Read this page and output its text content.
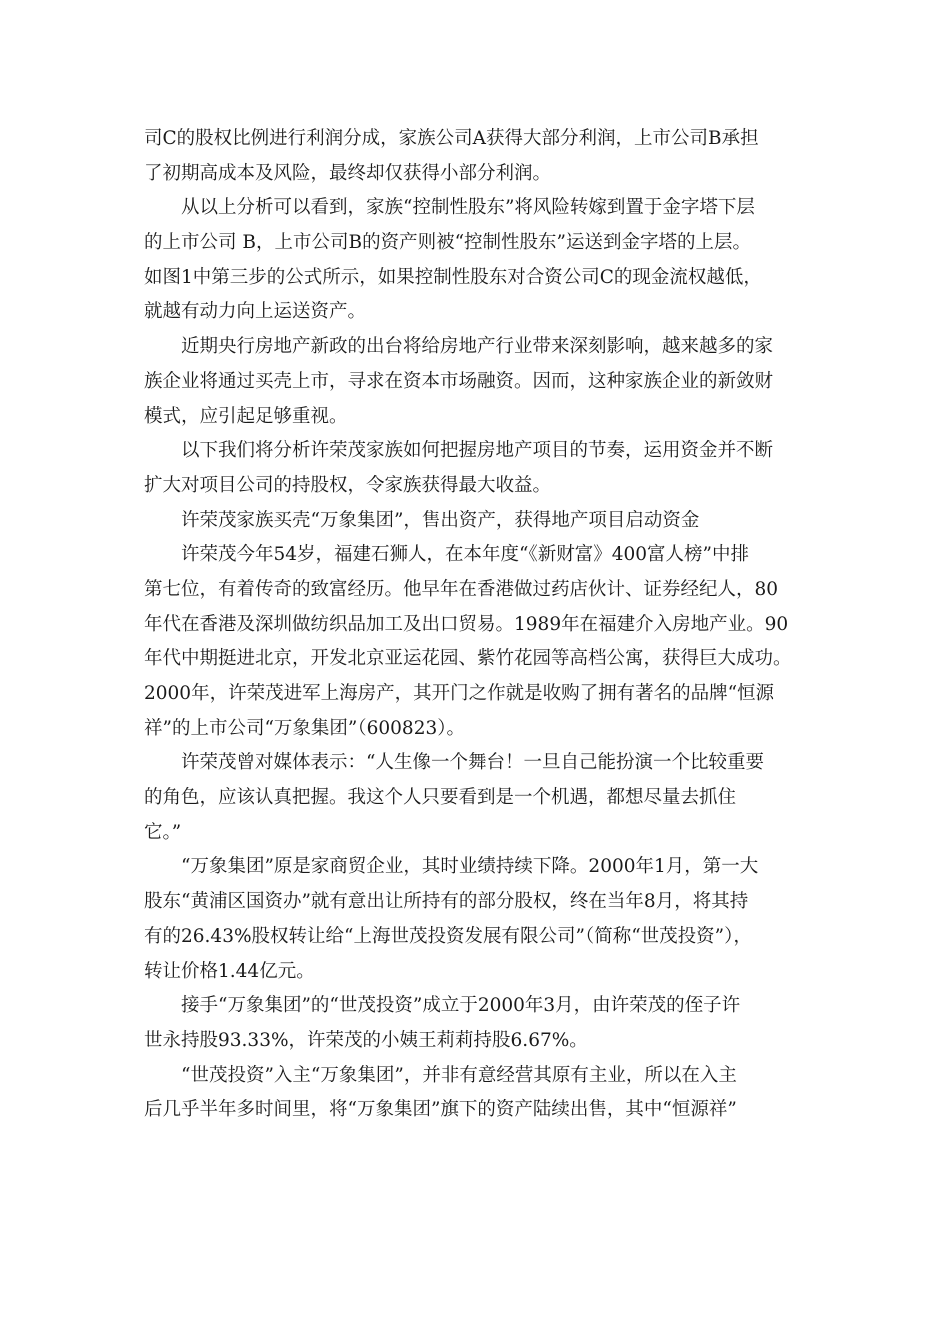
司C的股权比例进行利润分成，家族公司A获得大部分利润，上市公司B承担
了初期高成本及风险，最终却仅获得小部分利润。
从以上分析可以看到，家族“控制性股东”将风险转嫁到置于金字塔下层
的上市公司 B，上市公司B的资产则被“控制性股东”运送到金字塔的上层。
如图1中第三步的公式所示，如果控制性股东对合资公司C的现金流权越低，
就越有动力向上运送资产。
近期央行房地产新政的出台将给房地产行业带来深刻影响，越来越多的家
族企业将通过买壳上市，寻求在资本市场融资。因而，这种家族企业的新敛财
模式，应引起足够重视。
以下我们将分析许荣茂家族如何把握房地产项目的节奏，运用资金并不断
扩大对项目公司的持股权，令家族获得最大收益。
许荣茂家族买壳“万象集团”，售出资产，获得地产项目启动资金
许荣茂今年54岁，福建石狮人，在本年度“《新财富》400富人榜”中排
第七位，有着传奇的致富经历。他早年在香港做过药店伙计、证券经纪人，80
年代在香港及深圳做纺织品加工及出口贸易。1989年在福建介入房地产业。90
年代中期挺进北京，开发北京亚运花园、紫竹花园等高档公寓，获得巨大成功。
2000年，许荣茂进军上海房产，其开门之作就是收购了拥有著名的品牌“恒源
祥”的上市公司“万象集团”（600823）。
许荣茂曾对媒体表示：“人生像一个舞台！一旦自己能扮演一个比较重要
的角色，应该认真把握。我这个人只要看到是一个机遇，都想尽量去抓住
它。”
“万象集团”原是家商贸企业，其时业绩持续下降。2000年1月，第一大
股东“黄浦区国资办”就有意出让所持有的部分股权，终在当年8月，将其持
有的26.43%股权转让给“上海世茂投资发展有限公司”（简称“世茂投资”），
转让价格1.44亿元。
接手“万象集团”的“世茂投资”成立于2000年3月，由许荣茂的侄子许
世永持股93.33%，许荣茂的小姨王莉莉持股6.67%。
“世茂投资”入主“万象集团”，并非有意经营其原有主业，所以在入主
后几乎半年多时间里，将“万象集团”旗下的资产陆续出售，其中“恒源祥”
